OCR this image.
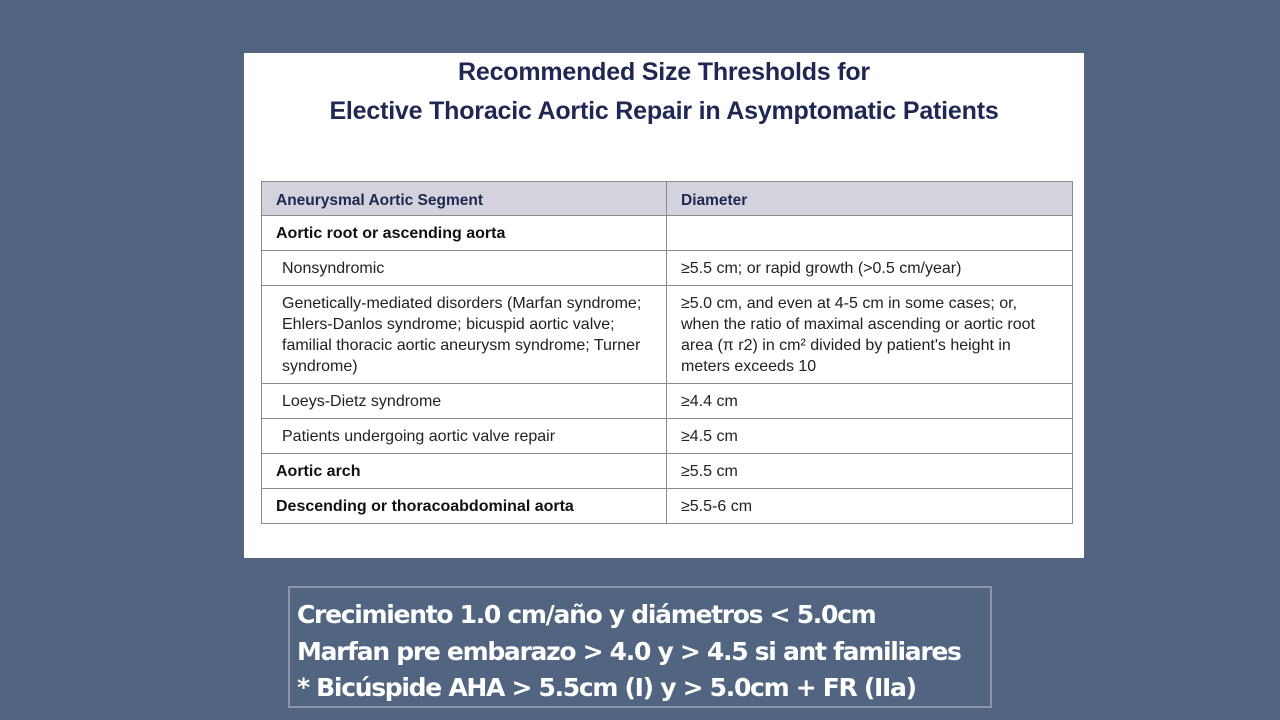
Recommended Size Thresholds for
Elective Thoracic Aortic Repair in Asymptomatic Patients
Aneurysmal Aortic Segment	Diameter
Aortic root or ascending aorta	
Nonsyndromic	≥5.5 cm; or rapid growth (>0.5 cm/year)
Genetically-mediated disorders (Marfan syndrome; Ehlers-Danlos syndrome; bicuspid aortic valve; familial thoracic aortic aneurysm syndrome; Turner syndrome)	≥5.0 cm, and even at 4-5 cm in some cases; or, when the ratio of maximal ascending or aortic root area (π r2) in cm² divided by patient's height in meters exceeds 10
Loeys-Dietz syndrome	≥4.4 cm
Patients undergoing aortic valve repair	≥4.5 cm
Aortic arch	≥5.5 cm
Descending or thoracoabdominal aorta	≥5.5-6 cm
Crecimiento 1.0 cm/año y diámetros < 5.0cm
Marfan pre embarazo > 4.0 y > 4.5 si ant familiares
* Bicúspide AHA > 5.5cm (I) y > 5.0cm + FR (IIa)
